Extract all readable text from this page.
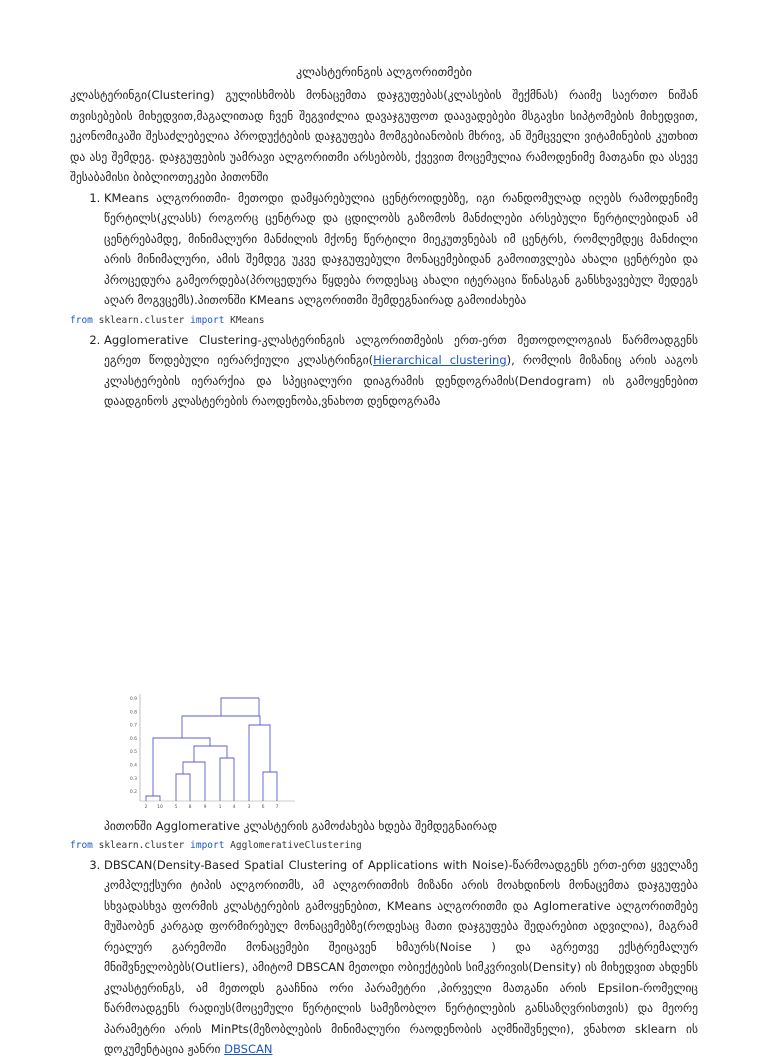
კლასტერინგის ალგორითმები

კლასტერინგი(Clustering) გულისხმობს მონაცემთა დაჯგუფებას(კლასების შექმნას) რაიმე საერთო ნიშან თვისებების მიხედვით,მაგალითად ჩვენ შეგვიძლია დავაჯგუფოთ დაავადებები მსგავსი სიპტომების მიხედვით, ეკონომიკაში შესაძლებელია პროდუქტების დაჯგუფება მომგებიანობის მხრივ, ან შემცველი ვიტამინების კუთხით და ასე შემდეგ. დაჯგუფების უამრავი ალგორითმი არსებობს, ქვევით მოცემულია რამოდენიმე მათგანი და ასევე შესაბამისი ბიბლიოთეკები პითონში

1. KMeans ალგორითმი- მეთოდი დამყარებულია ცენტროიდებზე, იგი რანდომულად იღებს რამოდენიმე წერტილს(კლასს) როგორც ცენტრად და ცდილობს გაზომოს მანძილები არსებული წერტილებიდან ამ ცენტრებამდე, მინიმალური მანძილის მქონე წერტილი მიეკუთვნებას იმ ცენტრს, რომლემდეც მანძილი არის მინიმალური, ამის შემდეგ უკვე დაჯგუფებული მონაცემებიდან გამოითვლება ახალი ცენტრები და პროცედურა გამეორდება(პროცედურა წყდება როდესაც ახალი იტერაცია წინასგან განსხვავებულ შედეგს აღარ მოგვცემს).პითონში KMeans ალგორითმი შემდეგნაირად გამოიძახება
from sklearn.cluster import KMeans
2. Agglomerative Clustering-კლასტერინგის ალგორითმების ერთ-ერთ მეთოდოლოგიას წარმოადგენს ეგრეთ წოდებული იერარქიული კლასტრინგი(Hierarchical clustering), რომლის მიზანიც არის ააგოს კლასტერების იერარქია და სპეციალური დიაგრამის დენდოგრამის(Dendogram) ის გამოყენებით დაადგინოს კლასტერების რაოდენობა,ვნახოთ დენდოგრამა
0.9
0.8
0.7
0.6
0.5
0.4
0.3
0.2
2 10	5 8	9	1 4	3 6 7
პითონში Agglomerative კლასტერის გამოძახება ხდება შემდეგნაირად
from sklearn.cluster import AgglomerativeClustering
3. DBSCAN(Density-Based Spatial Clustering of Applications with Noise)-წარმოადგენს ერთ-ერთ ყველაზე კომპლექსური ტიპის ალგორითმს, ამ ალგორითმის მიზანი არის მოახდინოს მონაცემთა დაჯგუფება სხვადასხვა ფორმის კლასტერების გამოყენებით, KMeans ალგორითმი და Aglomerative ალგორითმებე მუშაობენ კარგად ფორმირებულ მონაცემებზე(როდესაც მათი დაჯგუფება შედარებით ადვილია), მაგრამ რეალურ გარემოში მონაცემები შეიცავენ ხმაურს(Noise ) და აგრეთვე ექსტრემალურ მნიშვნელობებს(Outliers), ამიტომ DBSCAN მეთოდი ობიექტების სიმკვრივის(Density) ის მიხედვით ახდენს კლასტერინგს, ამ მეთოდს გააჩნია ორი პარამეტრი ,პირველი მათგანი არის Epsilon-რომელიც წარმოადგენს რადიუს(მოცემული წერტილის სამეზობლო წერტილების განსაზღვრისთვის) და მეორე პარამეტრი არის MinPts(მეზობლების მინიმალური რაოდენობის აღმნიშვნელი), ვნახოთ sklearn ის დოკუმენტაცია ჟანრი DBSCAN
